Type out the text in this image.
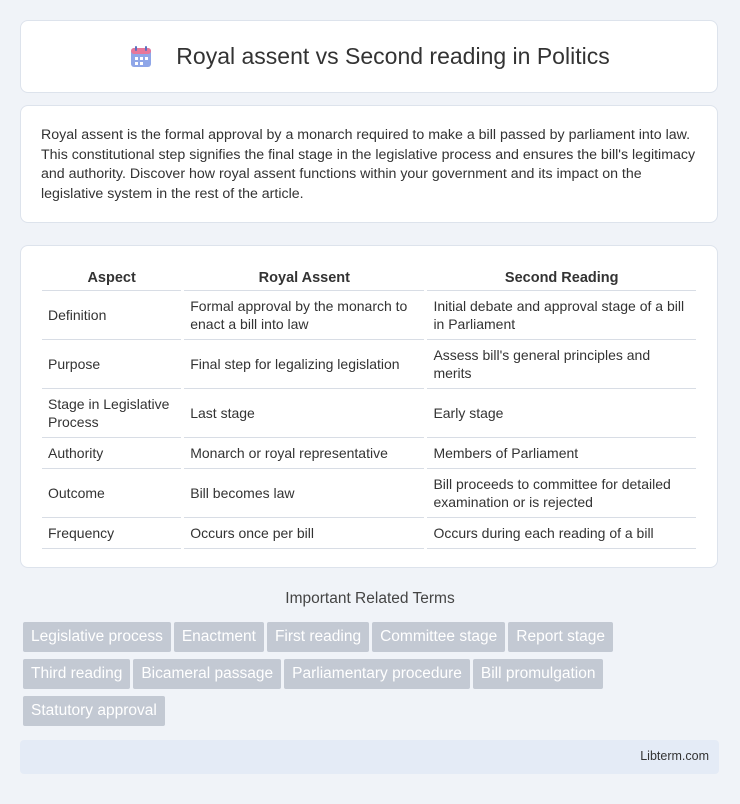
Royal assent vs Second reading in Politics

Royal assent is the formal approval by a monarch required to make a bill passed by parliament into law. This constitutional step signifies the final stage in the legislative process and ensures the bill's legitimacy and authority. Discover how royal assent functions within your government and its impact on the legislative system in the rest of the article.

Aspect	Royal Assent	Second Reading
Definition	Formal approval by the monarch to enact a bill into law	Initial debate and approval stage of a bill in Parliament
Purpose	Final step for legalizing legislation	Assess bill's general principles and merits
Stage in Legislative Process	Last stage	Early stage
Authority	Monarch or royal representative	Members of Parliament
Outcome	Bill becomes law	Bill proceeds to committee for detailed examination or is rejected
Frequency	Occurs once per bill	Occurs during each reading of a bill
Important Related Terms
Legislative process Enactment First reading Committee stage Report stage
Third reading Bicameral passage Parliamentary procedure Bill promulgation
Statutory approval
Libterm.com
